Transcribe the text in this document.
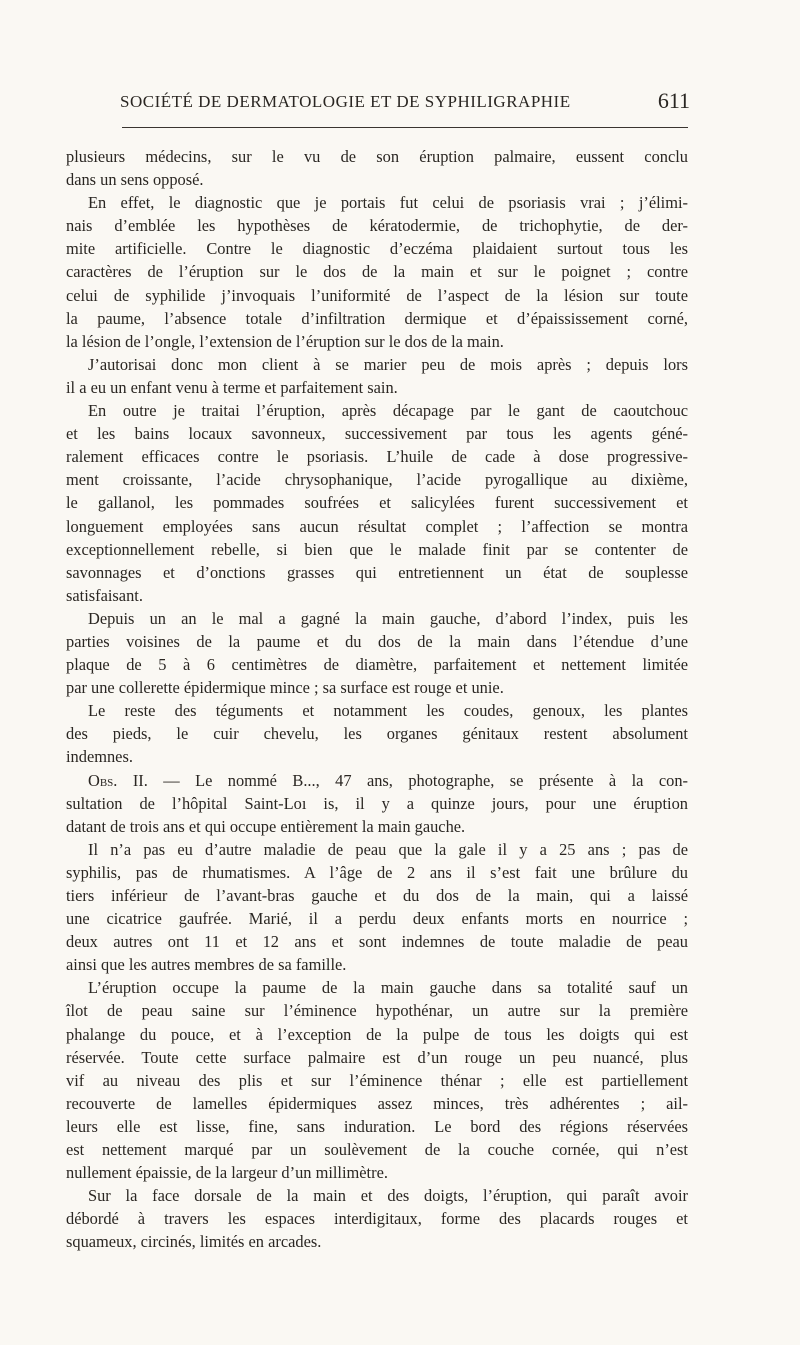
SOCIÉTÉ DE DERMATOLOGIE ET DE SYPHILIGRAPHIE	611

plusieurs médecins, sur le vu de son éruption palmaire, eussent conclu

dans un sens opposé.

En effet, le diagnostic que je portais fut celui de psoriasis vrai ; j’élimi-

nais d’emblée les hypothèses de kératodermie, de trichophytie, de der-

mite artificielle. Contre le diagnostic d’eczéma plaidaient surtout tous les

caractères de l’éruption sur le dos de la main et sur le poignet ; contre

celui de syphilide j’invoquais l’uniformité de l’aspect de la lésion sur toute

la paume, l’absence totale d’infiltration dermique et d’épaississement corné,

la lésion de l’ongle, l’extension de l’éruption sur le dos de la main.

J’autorisai donc mon client à se marier peu de mois après ; depuis lors

il a eu un enfant venu à terme et parfaitement sain.

En outre je traitai l’éruption, après décapage par le gant de caoutchouc

et les bains locaux savonneux, successivement par tous les agents géné-

ralement efficaces contre le psoriasis. L’huile de cade à dose progressive-

ment croissante, l’acide chrysophanique, l’acide pyrogallique au dixième,

le gallanol, les pommades soufrées et salicylées furent successivement et

longuement employées sans aucun résultat complet ; l’affection se montra

exceptionnellement rebelle, si bien que le malade finit par se contenter de

savonnages et d’onctions grasses qui entretiennent un état de souplesse

satisfaisant.

Depuis un an le mal a gagné la main gauche, d’abord l’index, puis les

parties voisines de la paume et du dos de la main dans l’étendue d’une

plaque de 5 à 6 centimètres de diamètre, parfaitement et nettement limitée

par une collerette épidermique mince ; sa surface est rouge et unie.

Le reste des téguments et notamment les coudes, genoux, les plantes

des pieds, le cuir chevelu, les organes génitaux restent absolument

indemnes.

Obs. II. — Le nommé B..., 47 ans, photographe, se présente à la con-

sultation de l’hôpital Saint-Loı is, il y a quinze jours, pour une éruption

datant de trois ans et qui occupe entièrement la main gauche.

Il n’a pas eu d’autre maladie de peau que la gale il y a 25 ans ; pas de

syphilis, pas de rhumatismes. A l’âge de 2 ans il s’est fait une brûlure du

tiers inférieur de l’avant-bras gauche et du dos de la main, qui a laissé

une cicatrice gaufrée. Marié, il a perdu deux enfants morts en nourrice ;

deux autres ont 11 et 12 ans et sont indemnes de toute maladie de peau

ainsi que les autres membres de sa famille.

L’éruption occupe la paume de la main gauche dans sa totalité sauf un

îlot de peau saine sur l’éminence hypothénar, un autre sur la première

phalange du pouce, et à l’exception de la pulpe de tous les doigts qui est

réservée. Toute cette surface palmaire est d’un rouge un peu nuancé, plus

vif au niveau des plis et sur l’éminence thénar ; elle est partiellement

recouverte de lamelles épidermiques assez minces, très adhérentes ; ail-

leurs elle est lisse, fine, sans induration. Le bord des régions réservées

est nettement marqué par un soulèvement de la couche cornée, qui n’est

nullement épaissie, de la largeur d’un millimètre.

Sur la face dorsale de la main et des doigts, l’éruption, qui paraît avoir

débordé à travers les espaces interdigitaux, forme des placards rouges et

squameux, circinés, limités en arcades.
